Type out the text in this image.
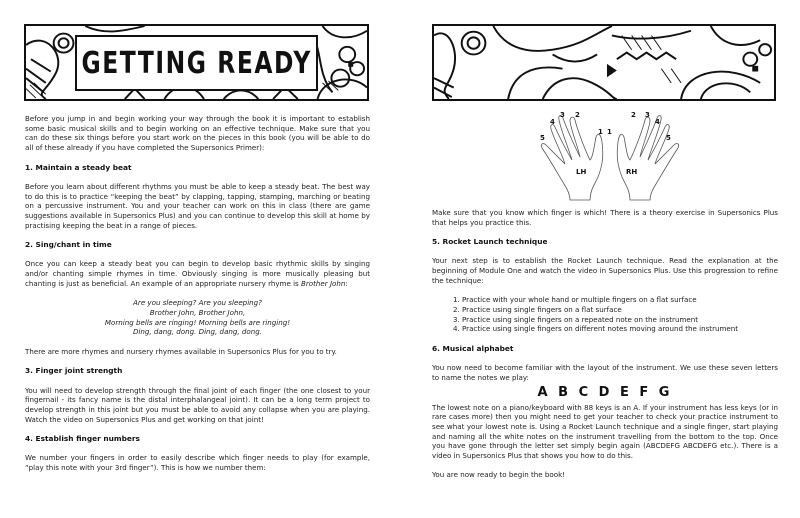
GETTING READY

Before you jump in and begin working your way through the book it is important to establish some basic musical skills and to begin working on an effective technique. Make sure that you can do these six things before you start work on the pieces in this book (you will be able to do all of these already if you have completed the Supersonics Primer):

1. Maintain a steady beat

Before you learn about different rhythms you must be able to keep a steady beat. The best way to do this is to practice “keeping the beat” by clapping, tapping, stamping, marching or beating on a percussive instrument. You and your teacher can work on this in class (there are game suggestions available in Supersonics Plus) and you can continue to develop this skill at home by practising keeping the beat in a range of pieces.

2. Sing/chant in time

Once you can keep a steady beat you can begin to develop basic rhythmic skills by singing and/or chanting simple rhymes in time. Obviously singing is more musically pleasing but chanting is just as beneficial. An example of an appropriate nursery rhyme is Brother John:

Are you sleeping? Are you sleeping?
Brother John, Brother John,
Morning bells are ringing! Morning bells are ringing!
Ding, dang, dong. Ding, dang, dong.

There are more rhymes and nursery rhymes available in Supersonics Plus for you to try.

3. Finger joint strength

You will need to develop strength through the final joint of each finger (the one closest to your fingernail - its fancy name is the distal interphalangeal joint). It can be a long term project to develop strength in this joint but you must be able to avoid any collapse when you are playing. Watch the video on Supersonics Plus and get working on that joint!

4. Establish finger numbers

We number your fingers in order to easily describe which finger needs to play (for example, “play this note with your 3rd finger”). This is how we number them:

Make sure that you know which finger is which! There is a theory exercise in Supersonics Plus that helps you practice this.

5. Rocket Launch technique

Your next step is to establish the Rocket Launch technique. Read the explanation at the beginning of Module One and watch the video in Supersonics Plus. Use this progression to refine the technique:

1. Practice with your whole hand or multiple fingers on a flat surface
2. Practice using single fingers on a flat surface
3. Practice using single fingers on a repeated note on the instrument
4. Practice using single fingers on different notes moving around the instrument
6. Musical alphabet

You now need to become familiar with the layout of the instrument. We use these seven letters to name the notes we play:

A B C D E F G

The lowest note on a piano/keyboard with 88 keys is an A. If your instrument has less keys (or in rare cases more) then you might need to get your teacher to check your practice instrument to see what your lowest note is. Using a Rocket Launch technique and a single finger, start playing and naming all the white notes on the instrument travelling from the bottom to the top. Once you have gone through the letter set simply begin again (ABCDEFG ABCDEFG etc.). There is a video in Supersonics Plus that shows you how to do this.

You are now ready to begin the book!

5
4
3 2
1 1
2 3
4
5
LH	RH
